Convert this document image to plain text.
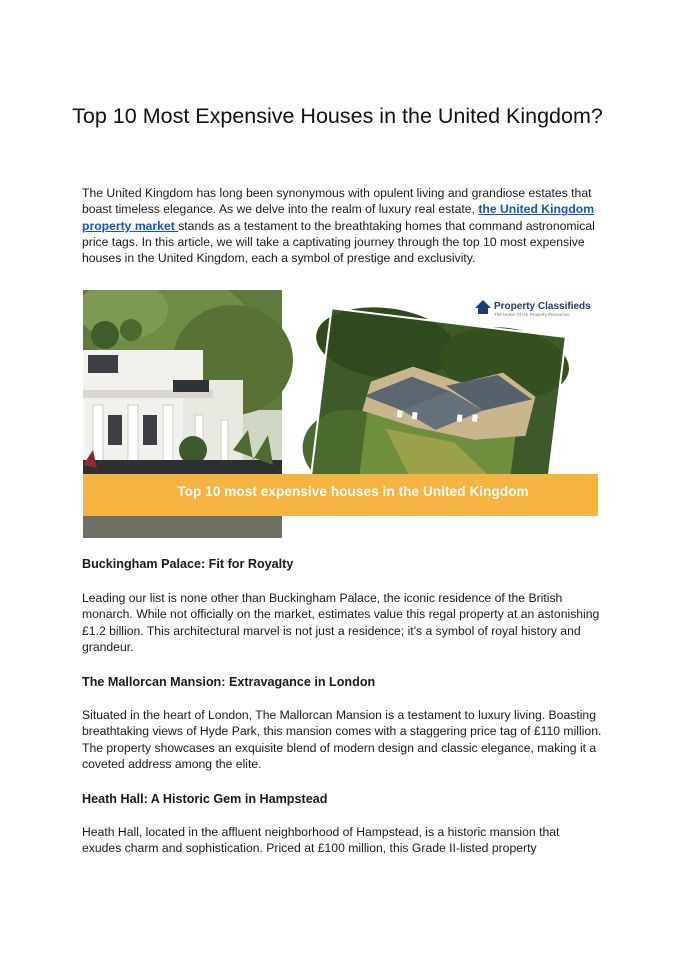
Top 10 Most Expensive Houses in the United Kingdom?

The United Kingdom has long been synonymous with opulent living and grandiose estates that boast timeless elegance. As we delve into the realm of luxury real estate, the United Kingdom property market stands as a testament to the breathtaking homes that command astronomical price tags. In this article, we will take a captivating journey through the top 10 most expensive houses in the United Kingdom, each a symbol of prestige and exclusivity.

Property Classifieds
The Home Of UK Property Resources
Top 10 most expensive houses in the United Kingdom

Buckingham Palace: Fit for Royalty

Leading our list is none other than Buckingham Palace, the iconic residence of the British monarch. While not officially on the market, estimates value this regal property at an astonishing £1.2 billion. This architectural marvel is not just a residence; it's a symbol of royal history and grandeur.

The Mallorcan Mansion: Extravagance in London

Situated in the heart of London, The Mallorcan Mansion is a testament to luxury living. Boasting breathtaking views of Hyde Park, this mansion comes with a staggering price tag of £110 million. The property showcases an exquisite blend of modern design and classic elegance, making it a coveted address among the elite.

Heath Hall: A Historic Gem in Hampstead

Heath Hall, located in the affluent neighborhood of Hampstead, is a historic mansion that exudes charm and sophistication. Priced at £100 million, this Grade II-listed property
